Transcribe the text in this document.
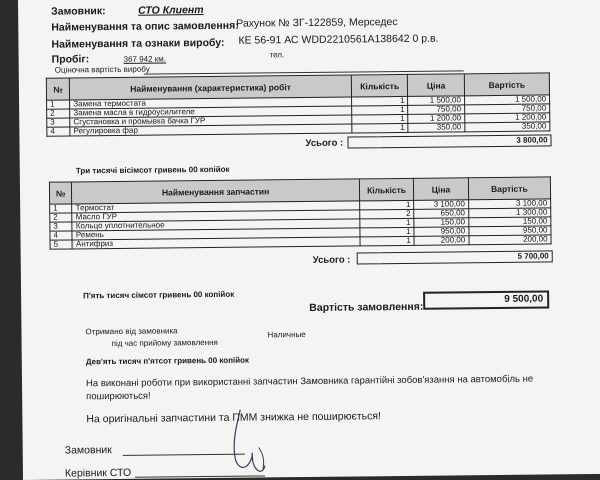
Замовник:	СТО Клиент
Найменування та опис замовлення:
Рахунок № ЗГ-122859, Мерседес
Найменування та ознаки виробу: КЕ 56-91 АС WDD2210561A138642 0 р.в.
Пробіг:	367 942 км.	тел.
Оціночна вартість виробу
№	Найменування (характеристика) робіт	Кількість	Ціна	Вартість
1	Замена термостата	1	1 500,00	1 500,00
2	Замена масла в гидроусилителе	1	750,00	750,00
3	Сгустановка и промывка бачка ГУР	1	1 200,00	1 200,00
4	Регулировка фар	1	350,00	350,00
Усього :	3 800,00
Три тисячі вісімсот гривень 00 копійок
№	Найменування запчастин	Кількість	Ціна	Вартість
1	Термостат	1	3 100,00	3 100,00
2	Масло ГУР	2	650,00	1 300,00
3	Кольцо уплотнительное	1	150,00	150,00
4	Ремень	1	950,00	950,00
5	Антифриз	1	200,00	200,00
Усього :	5 700,00
П'ять тисяч сімсот гривень 00 копійок
Вартість замовлення:
9 500,00
Отримано від замовника	Наличные
під час прийому замовлення
Дев'ять тисяч п'ятсот гривень 00 копійок
На виконані роботи при використанні запчастин Замовника гарантійні зобов'язання на автомобіль не
поширюються!
На оригінальні запчастини та ПММ знижка не поширюється!
Замовник
Керівник СТО
